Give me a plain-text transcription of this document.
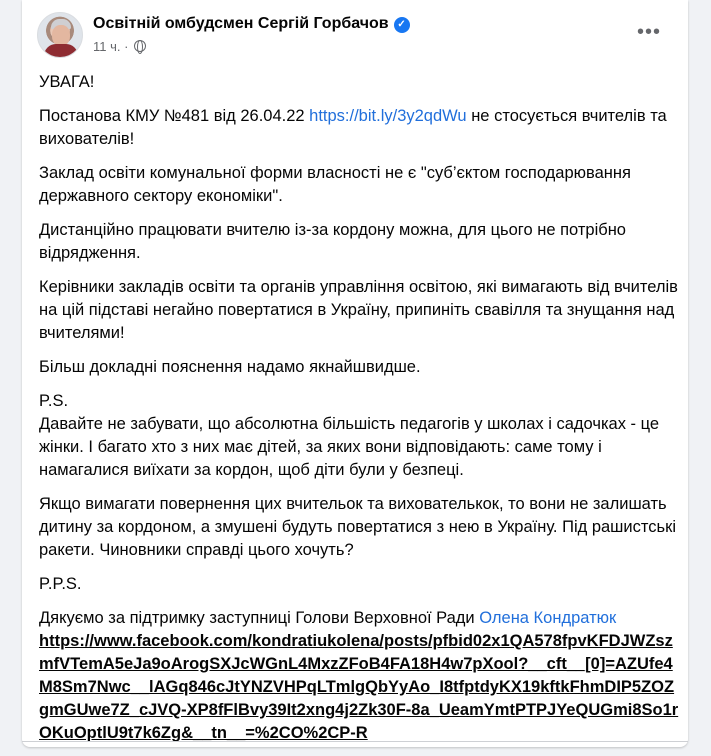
Освітній омбудсмен Сергій Горбачов ✓
11 ч. ·
•••

УВАГА!

Постанова КМУ №481 від 26.04.22 https://bit.ly/3y2qdWu не стосується вчителів та вихователів!

Заклад освіти комунальної форми власності не є "суб’єктом господарювання державного сектору економіки".

Дистанційно працювати вчителю із-за кордону можна, для цього не потрібно відрядження.

Керівники закладів освіти та органів управління освітою, які вимагають від вчителів на цій підставі негайно повертатися в Україну, припиніть свавілля та знущання над вчителями!

Більш докладні пояснення надамо якнайшвидше.

P.S.
Давайте не забувати, що абсолютна більшість педагогів у школах і садочках - це жінки. І багато хто з них має дітей, за яких вони відповідають: саме тому і намагалися виїхати за кордон, щоб діти були у безпеці.

Якщо вимагати повернення цих вчительок та вихователькок, то вони не залишать дитину за кордоном, а змушені будуть повертатися з нею в Україну. Під рашистські ракети. Чиновники справді цього хочуть?

P.P.S.

Дякуємо за підтримку заступниці Голови Верховної Ради Олена Кондратюк
https://www.facebook.com/kondratiukolena/posts/pfbid02x1QA578fpvKFDJWZszmfVTemA5eJa9oArogSXJcWGnL4MxzZFoB4FA18H4w7pXool?__cft__[0]=AZUfe4M8Sm7Nwc__lAGq846cJtYNZVHPqLTmlgQbYyAo_I8tfptdyKX19kftkFhmDIP5ZOZgmGUwe7Z_cJVQ-XP8fFlBvy39It2xng4j2Zk30F-8a_UeamYmtPTPJYeQUGmi8So1rOKuOptlU9t7k6Zg&__tn__=%2CO%2CP-R
